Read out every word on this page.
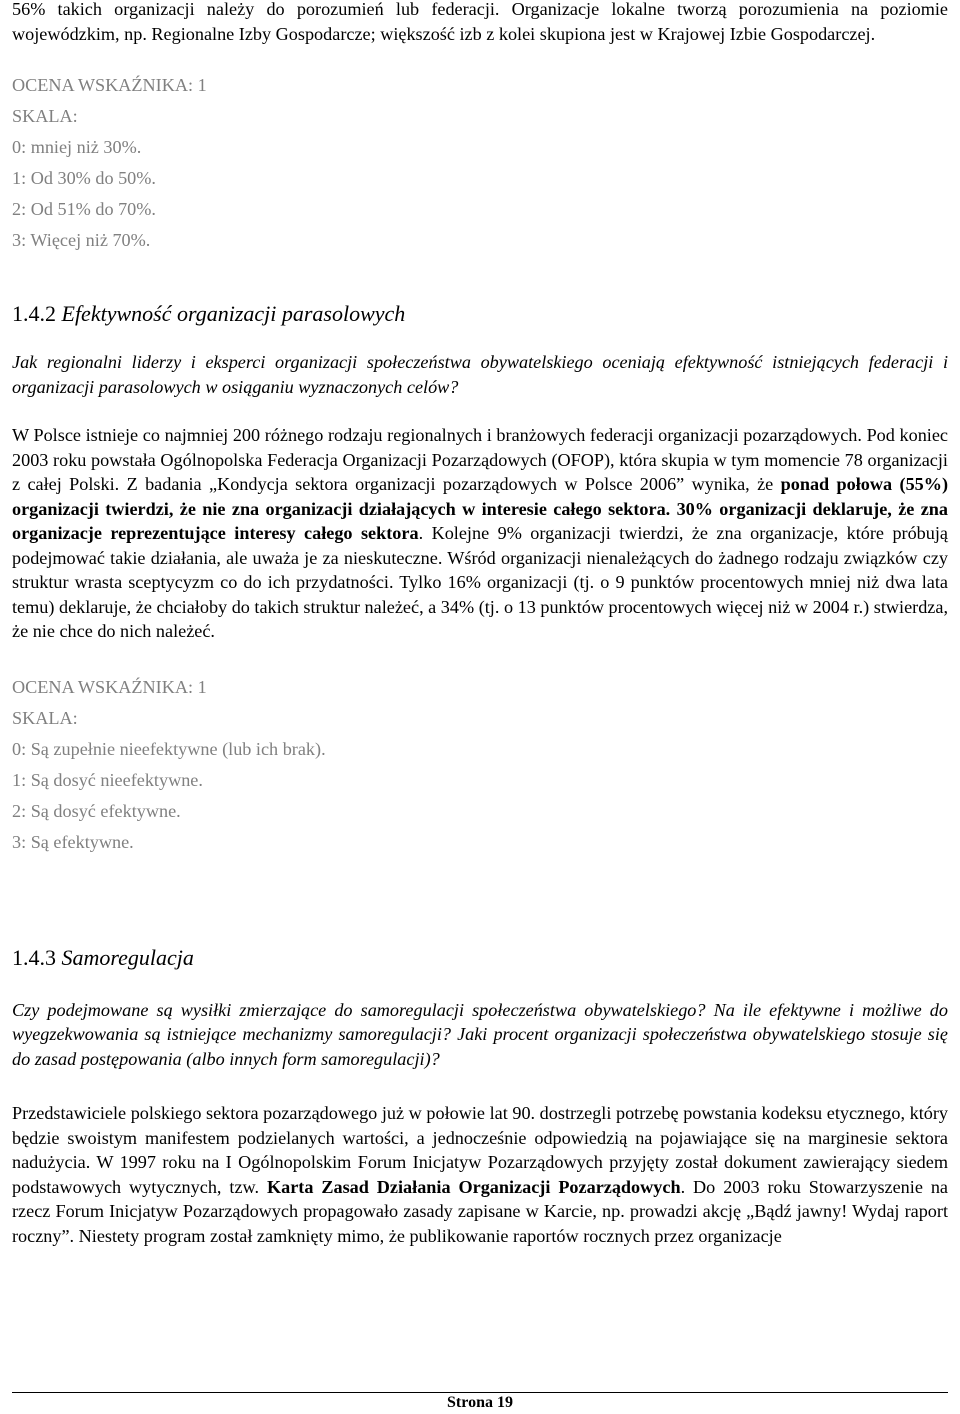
56% takich organizacji należy do porozumień lub federacji. Organizacje lokalne tworzą porozumienia na poziomie wojewódzkim, np. Regionalne Izby Gospodarcze; większość izb z kolei skupiona jest w Krajowej Izbie Gospodarczej.

OCENA WSKAŹNIKA: 1

SKALA:

0: mniej niż 30%.

1: Od 30% do 50%.

2: Od 51% do 70%.

3: Więcej niż 70%.

1.4.2 Efektywność organizacji parasolowych

Jak regionalni liderzy i eksperci organizacji społeczeństwa obywatelskiego oceniają efektywność istniejących federacji i organizacji parasolowych w osiąganiu wyznaczonych celów?

W Polsce istnieje co najmniej 200 różnego rodzaju regionalnych i branżowych federacji organizacji pozarządowych. Pod koniec 2003 roku powstała Ogólnopolska Federacja Organizacji Pozarządowych (OFOP), która skupia w tym momencie 78 organizacji z całej Polski. Z badania „Kondycja sektora organizacji pozarządowych w Polsce 2006” wynika, że ponad połowa (55%) organizacji twierdzi, że nie zna organizacji działających w interesie całego sektora. 30% organizacji deklaruje, że zna organizacje reprezentujące interesy całego sektora. Kolejne 9% organizacji twierdzi, że zna organizacje, które próbują podejmować takie działania, ale uważa je za nieskuteczne. Wśród organizacji nienależących do żadnego rodzaju związków czy struktur wrasta sceptycyzm co do ich przydatności. Tylko 16% organizacji (tj. o 9 punktów procentowych mniej niż dwa lata temu) deklaruje, że chciałoby do takich struktur należeć, a 34% (tj. o 13 punktów procentowych więcej niż w 2004 r.) stwierdza, że nie chce do nich należeć.

OCENA WSKAŹNIKA: 1

SKALA:

0: Są zupełnie nieefektywne (lub ich brak).

1: Są dosyć nieefektywne.

2: Są dosyć efektywne.

3: Są efektywne.

1.4.3 Samoregulacja

Czy podejmowane są wysiłki zmierzające do samoregulacji społeczeństwa obywatelskiego? Na ile efektywne i możliwe do wyegzekwowania są istniejące mechanizmy samoregulacji? Jaki procent organizacji społeczeństwa obywatelskiego stosuje się do zasad postępowania (albo innych form samoregulacji)?

Przedstawiciele polskiego sektora pozarządowego już w połowie lat 90. dostrzegli potrzebę powstania kodeksu etycznego, który będzie swoistym manifestem podzielanych wartości, a jednocześnie odpowiedzią na pojawiające się na marginesie sektora nadużycia. W 1997 roku na I Ogólnopolskim Forum Inicjatyw Pozarządowych przyjęty został dokument zawierający siedem podstawowych wytycznych, tzw. Karta Zasad Działania Organizacji Pozarządowych. Do 2003 roku Stowarzyszenie na rzecz Forum Inicjatyw Pozarządowych propagowało zasady zapisane w Karcie, np. prowadzi akcję „Bądź jawny! Wydaj raport roczny”. Niestety program został zamknięty mimo, że publikowanie raportów rocznych przez organizacje

Strona 19
